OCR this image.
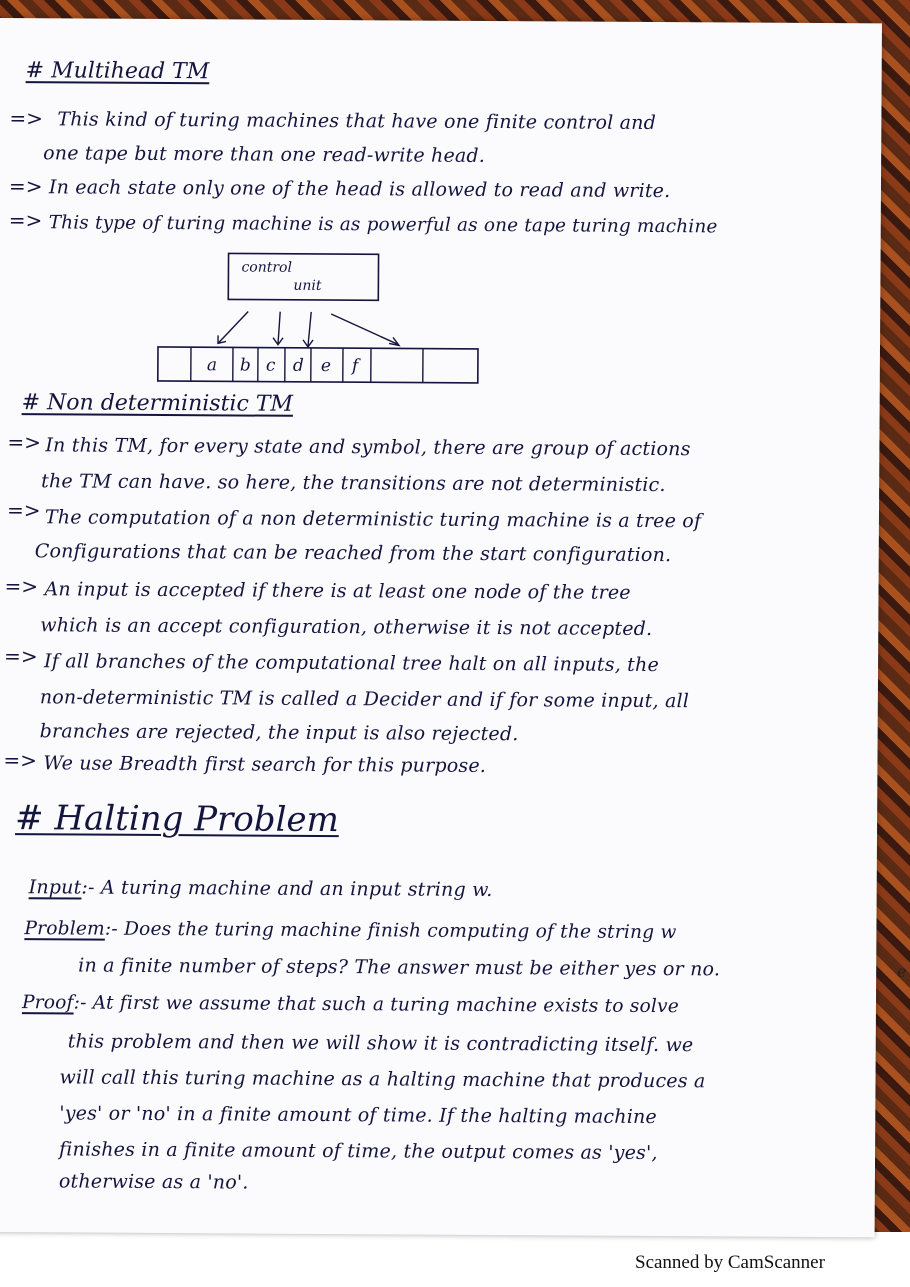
# Multihead TM
=> This kind of turing machines that have one finite control and
one tape but more than one read-write head.
=> In each state only one of the head is allowed to read and write.
=> This type of turing machine is as powerful as one tape turing machine
control
unit
a b c d e f
# Non deterministic TM
=> In this TM, for every state and symbol, there are group of actions
the TM can have. so here, the transitions are not deterministic.
=> The computation of a non deterministic turing machine is a tree of
Configurations that can be reached from the start configuration.
=> An input is accepted if there is at least one node of the tree
which is an accept configuration, otherwise it is not accepted.
=> If all branches of the computational tree halt on all inputs, the
non-deterministic TM is called a Decider and if for some input, all
branches are rejected, the input is also rejected.
=> We use Breadth first search for this purpose.
# Halting Problem
Input:- A turing machine and an input string w.
Problem:- Does the turing machine finish computing of the string w
in a finite number of steps? The answer must be either yes or no.
Proof:- At first we assume that such a turing machine exists to solve
this problem and then we will show it is contradicting itself. we
will call this turing machine as a halting machine that produces a
'yes' or 'no' in a finite amount of time. If the halting machine
finishes in a finite amount of time, the output comes as 'yes',
otherwise as a 'no'.
e
Scanned by CamScanner
